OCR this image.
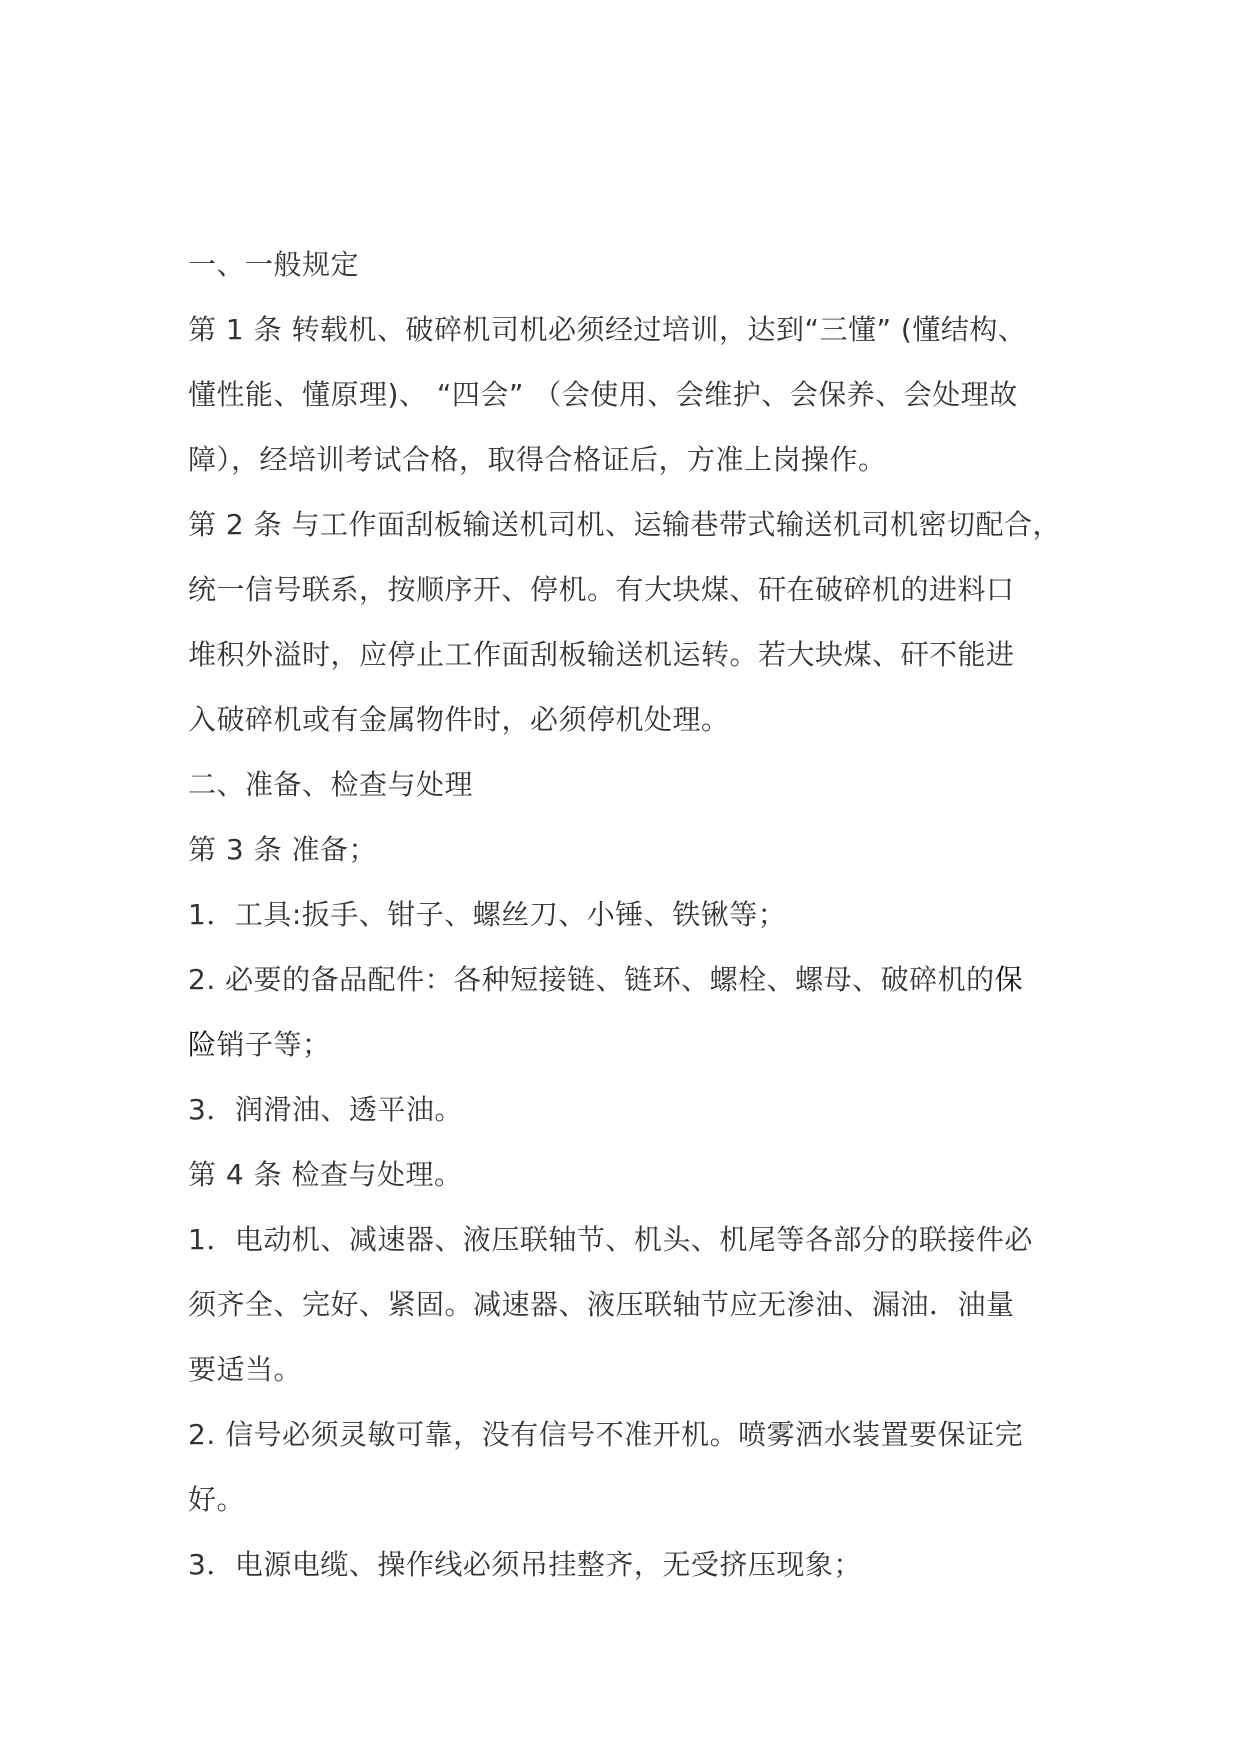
一、一般规定
第 1 条 转载机、破碎机司机必须经过培训，达到“三懂” (懂结构、
懂性能、懂原理)、 “四会” （会使用、会维护、会保养、会处理故
障），经培训考试合格，取得合格证后，方准上岗操作。
第 2 条 与工作面刮板输送机司机、运输巷带式输送机司机密切配合，
统一信号联系，按顺序开、停机。有大块煤、矸在破碎机的进料口
堆积外溢时，应停止工作面刮板输送机运转。若大块煤、矸不能进
入破碎机或有金属物件时，必须停机处理。
二、准备、检查与处理
第 3 条 准备；
1．工具:扳手、钳子、螺丝刀、小锤、铁锹等；
2. 必要的备品配件：各种短接链、链环、螺栓、螺母、破碎机的保
险销子等；
3．润滑油、透平油。
第 4 条 检查与处理。
1．电动机、减速器、液压联轴节、机头、机尾等各部分的联接件必
须齐全、完好、紧固。减速器、液压联轴节应无渗油、漏油．油量
要适当。
2. 信号必须灵敏可靠，没有信号不准开机。喷雾洒水装置要保证完
好。
3．电源电缆、操作线必须吊挂整齐，无受挤压现象；
